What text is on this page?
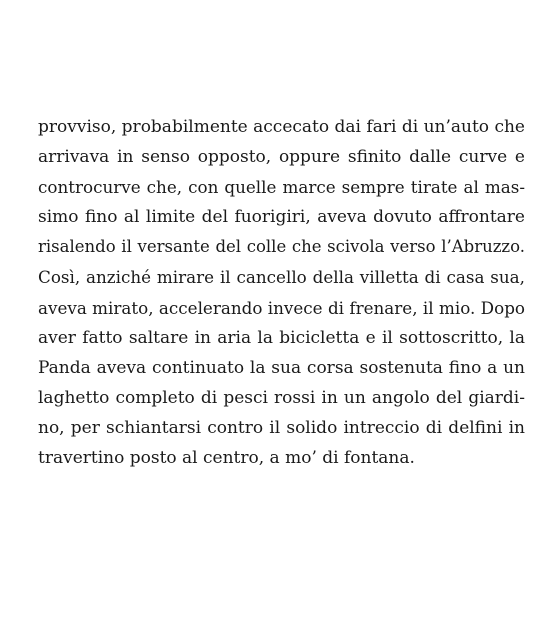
provviso, probabilmente accecato dai fari di un’auto che
arrivava in senso opposto, oppure sfinito dalle curve e
controcurve che, con quelle marce sempre tirate al mas-
simo fino al limite del fuorigiri, aveva dovuto affrontare
risalendo il versante del colle che scivola verso l’Abruzzo.
Così, anziché mirare il cancello della villetta di casa sua,
aveva mirato, accelerando invece di frenare, il mio. Dopo
aver fatto saltare in aria la bicicletta e il sottoscritto, la
Panda aveva continuato la sua corsa sostenuta fino a un
laghetto completo di pesci rossi in un angolo del giardi-
no, per schiantarsi contro il solido intreccio di delfini in
travertino posto al centro, a mo’ di fontana.
